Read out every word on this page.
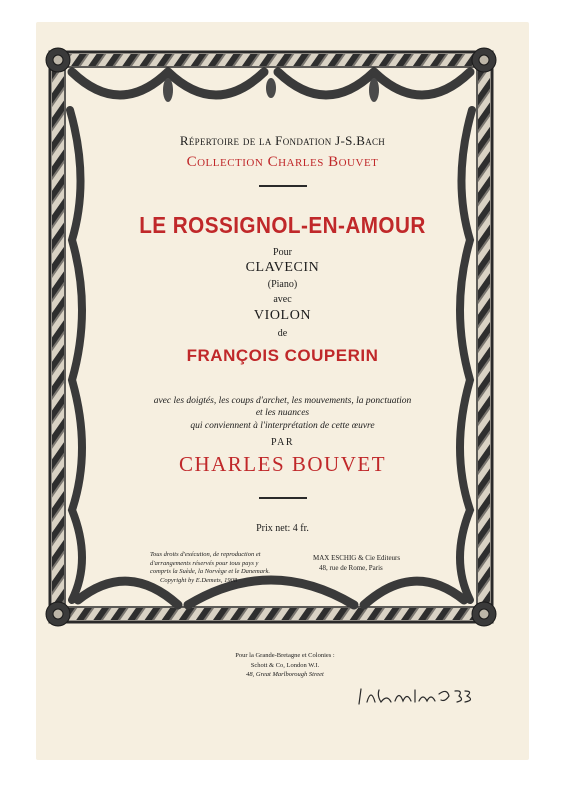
Répertoire de la Fondation J-S.Bach

Collection Charles Bouvet

LE ROSSIGNOL-EN-AMOUR

Pour

CLAVECIN

(Piano)

avec

VIOLON

de

FRANÇOIS COUPERIN

avec les doigtés, les coups d'archet, les mouvements, la ponctuation

et les nuances

qui conviennent à l'interprétation de cette œuvre

PAR

CHARLES BOUVET

Prix net: 4 fr.

Tous droits d'exécution, de reproduction et
d'arrangements réservés pour tous pays y
compris la Suède, la Norvège et le Danemark.
Copyright by E.Demets, 1908
MAX ESCHIG & Cie Editeurs
48, rue de Rome, Paris
Pour la Grande-Bretagne et Colonies :
Schott & Co, London W.I.
48, Great Marlborough Street
